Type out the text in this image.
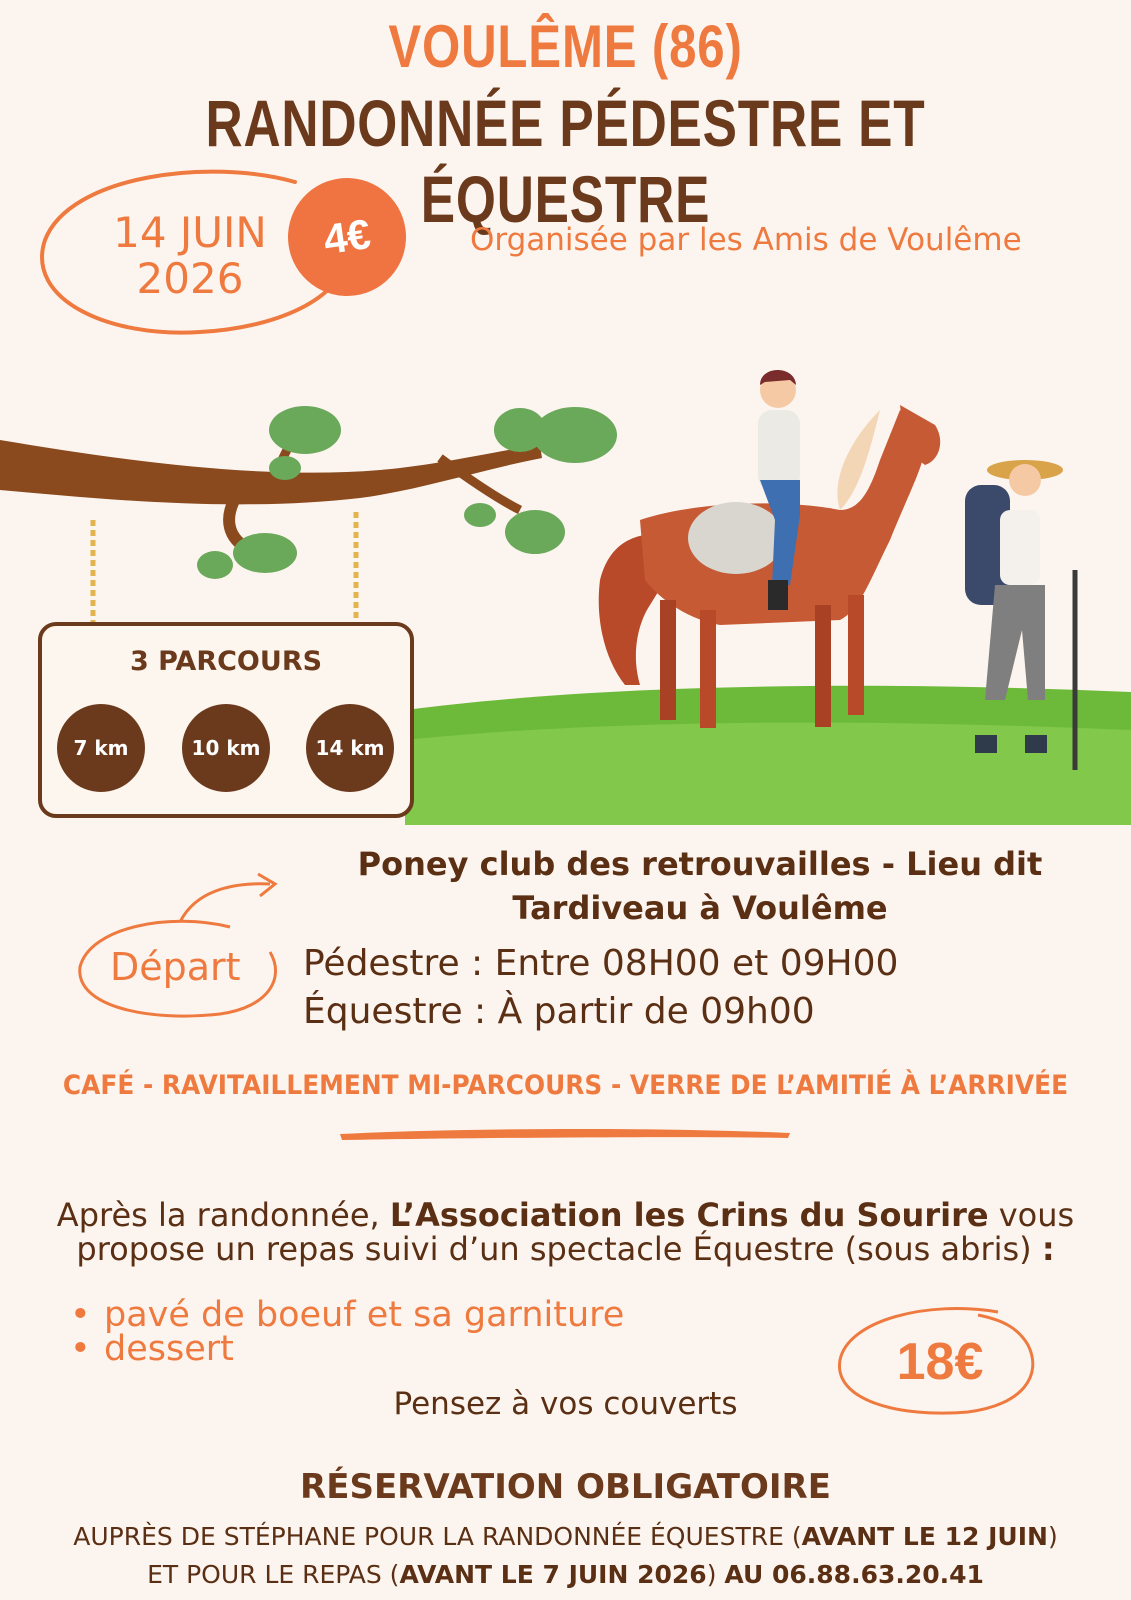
VOULÊME (86)
RANDONNÉE PÉDESTRE ET ÉQUESTRE
14 JUIN
2026
4€	Organisée par les Amis de Voulême
3 PARCOURS
7 km	10 km	14 km
Poney club des retrouvailles - Lieu dit
Tardiveau à Voulême
Départ Pédestre : Entre 08H00 et 09H00
Équestre : À partir de 09h00
CAFÉ - RAVITAILLEMENT MI-PARCOURS - VERRE DE L’AMITIÉ À L’ARRIVÉE
Après la randonnée, L’Association les Crins du Sourire vous
propose un repas suivi d’un spectacle Équestre (sous abris) :
• pavé de boeuf et sa garniture
• dessert	18€
Pensez à vos couverts
RÉSERVATION OBLIGATOIRE
AUPRÈS DE STÉPHANE POUR LA RANDONNÉE ÉQUESTRE (AVANT LE 12 JUIN)
ET POUR LE REPAS (AVANT LE 7 JUIN 2026) AU 06.88.63.20.41
